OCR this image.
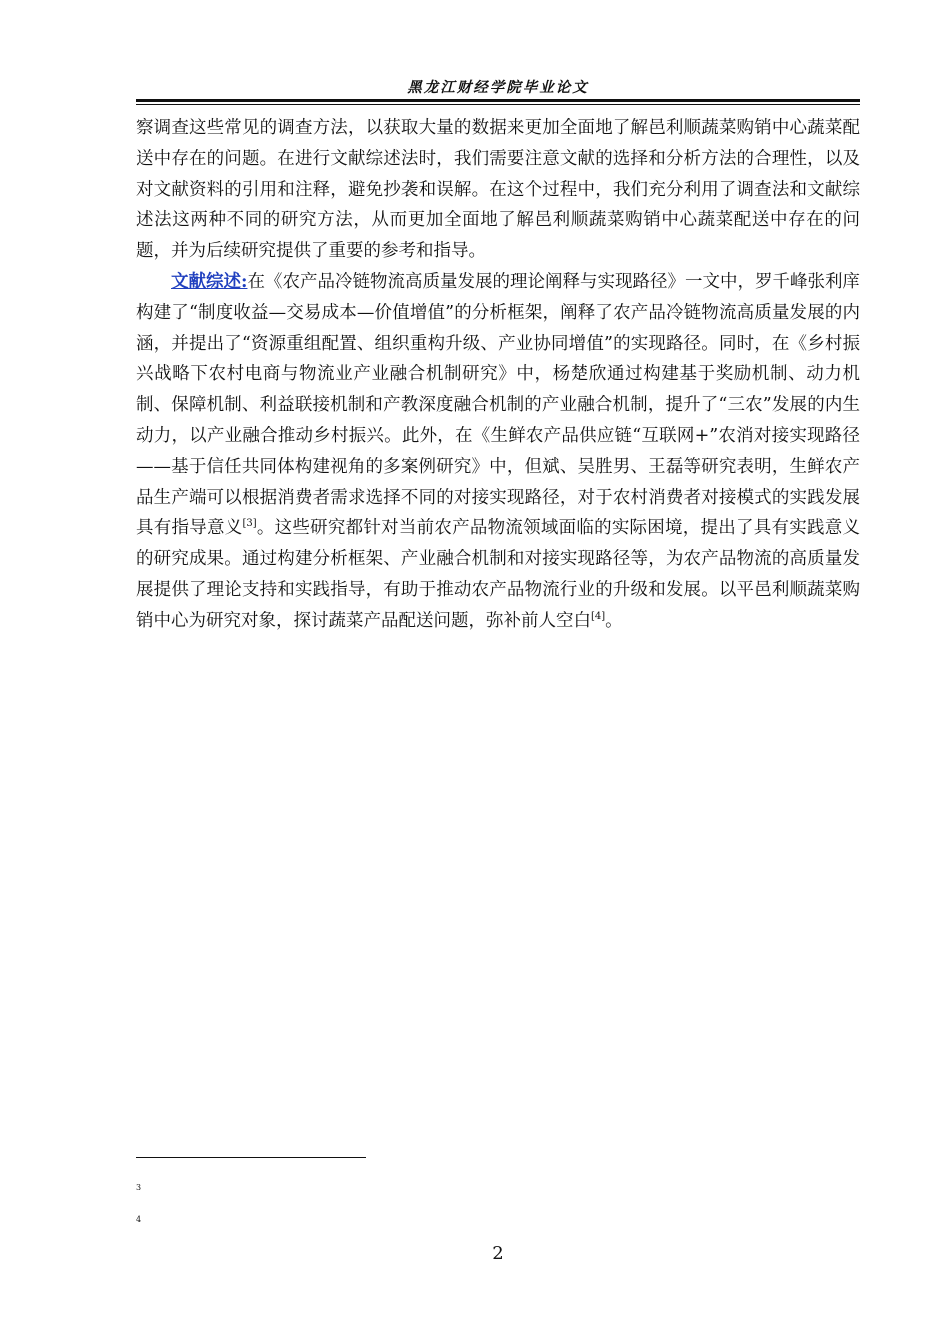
黑龙江财经学院毕业论文

察调查这些常见的调查方法，以获取大量的数据来更加全面地了解邑利顺蔬菜购销中心蔬菜配送中存在的问题。在进行文献综述法时，我们需要注意文献的选择和分析方法的合理性，以及对文献资料的引用和注释，避免抄袭和误解。在这个过程中，我们充分利用了调查法和文献综述法这两种不同的研究方法，从而更加全面地了解邑利顺蔬菜购销中心蔬菜配送中存在的问题，并为后续研究提供了重要的参考和指导。

文献综述:在《农产品冷链物流高质量发展的理论阐释与实现路径》一文中，罗千峰张利庠构建了“制度收益—交易成本—价值增值”的分析框架，阐释了农产品冷链物流高质量发展的内涵，并提出了“资源重组配置、组织重构升级、产业协同增值”的实现路径。同时，在《乡村振兴战略下农村电商与物流业产业融合机制研究》中，杨楚欣通过构建基于奖励机制、动力机制、保障机制、利益联接机制和产教深度融合机制的产业融合机制，提升了“三农”发展的内生动力，以产业融合推动乡村振兴。此外，在《生鲜农产品供应链“互联网+”农消对接实现路径——基于信任共同体构建视角的多案例研究》中，但斌、吴胜男、王磊等研究表明，生鲜农产品生产端可以根据消费者需求选择不同的对接实现路径，对于农村消费者对接模式的实践发展具有指导意义[3]。这些研究都针对当前农产品物流领域面临的实际困境，提出了具有实践意义的研究成果。通过构建分析框架、产业融合机制和对接实现路径等，为农产品物流的高质量发展提供了理论支持和实践指导，有助于推动农产品物流行业的升级和发展。以平邑利顺蔬菜购销中心为研究对象，探讨蔬菜产品配送问题，弥补前人空白[4]。

3
4
2
